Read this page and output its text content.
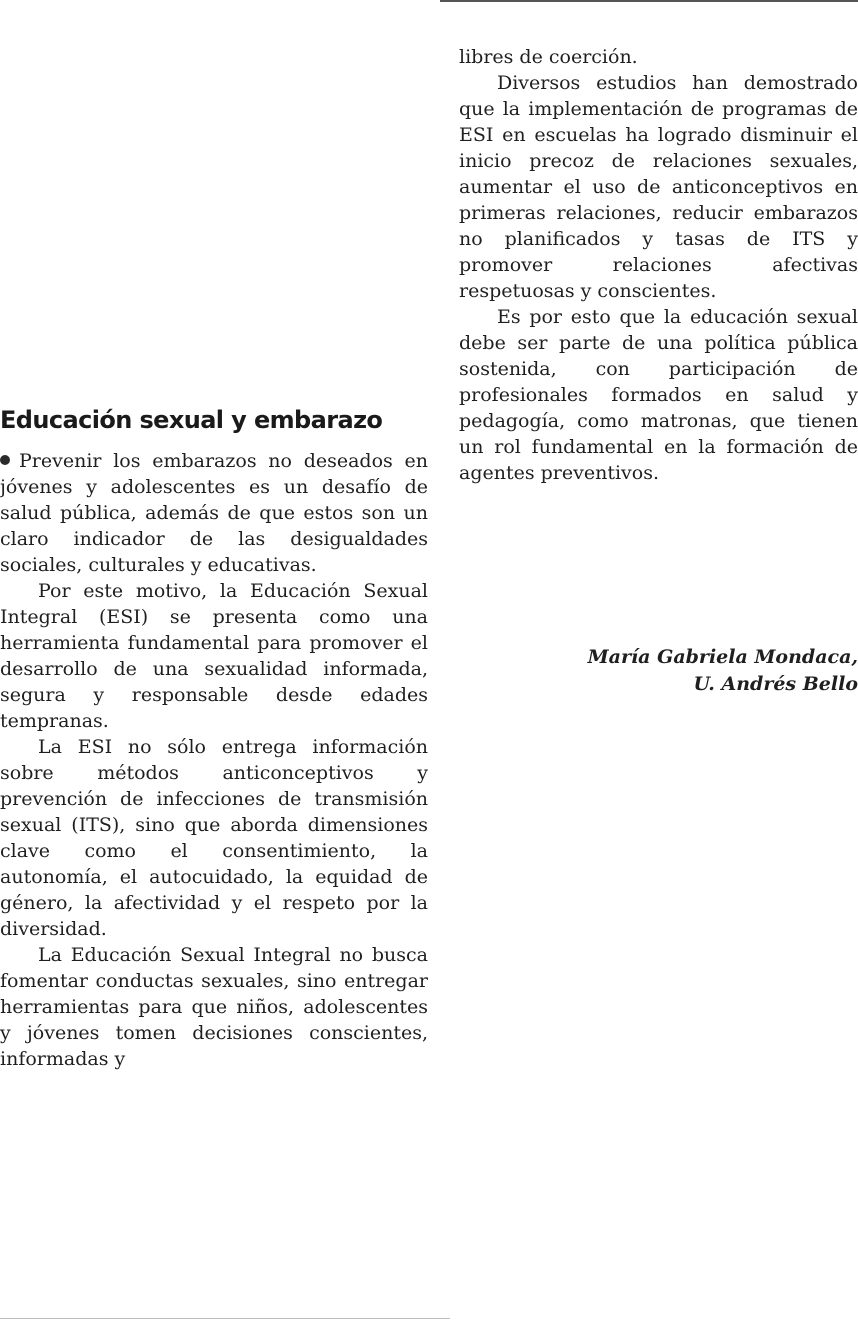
Educación sexual y embarazo

Prevenir los embarazos no deseados en jóvenes y adolescentes es un desafío de salud pública, además de que estos son un claro indicador de las desigualdades sociales, culturales y educativas.

Por este motivo, la Educación Sexual Integral (ESI) se presenta como una herramienta fundamental para promover el desarrollo de una sexualidad informada, segura y responsable desde edades tempranas.

La ESI no sólo entrega información sobre métodos anticonceptivos y prevención de infecciones de transmisión sexual (ITS), sino que aborda dimensiones clave como el consentimiento, la autonomía, el autocuidado, la equidad de género, la afectividad y el respeto por la diversidad.

La Educación Sexual Integral no busca fomentar conductas sexuales, sino entregar herramientas para que niños, adolescentes y jóvenes tomen decisiones conscientes, informadas y

libres de coerción.

Diversos estudios han demostrado que la implementación de programas de ESI en escuelas ha logrado disminuir el inicio precoz de relaciones sexuales, aumentar el uso de anticonceptivos en primeras relaciones, reducir embarazos no planificados y tasas de ITS y promover relaciones afectivas respetuosas y conscientes.

Es por esto que la educación sexual debe ser parte de una política pública sostenida, con participación de profesionales formados en salud y pedagogía, como matronas, que tienen un rol fundamental en la formación de agentes preventivos.

María Gabriela Mondaca,
U. Andrés Bello
